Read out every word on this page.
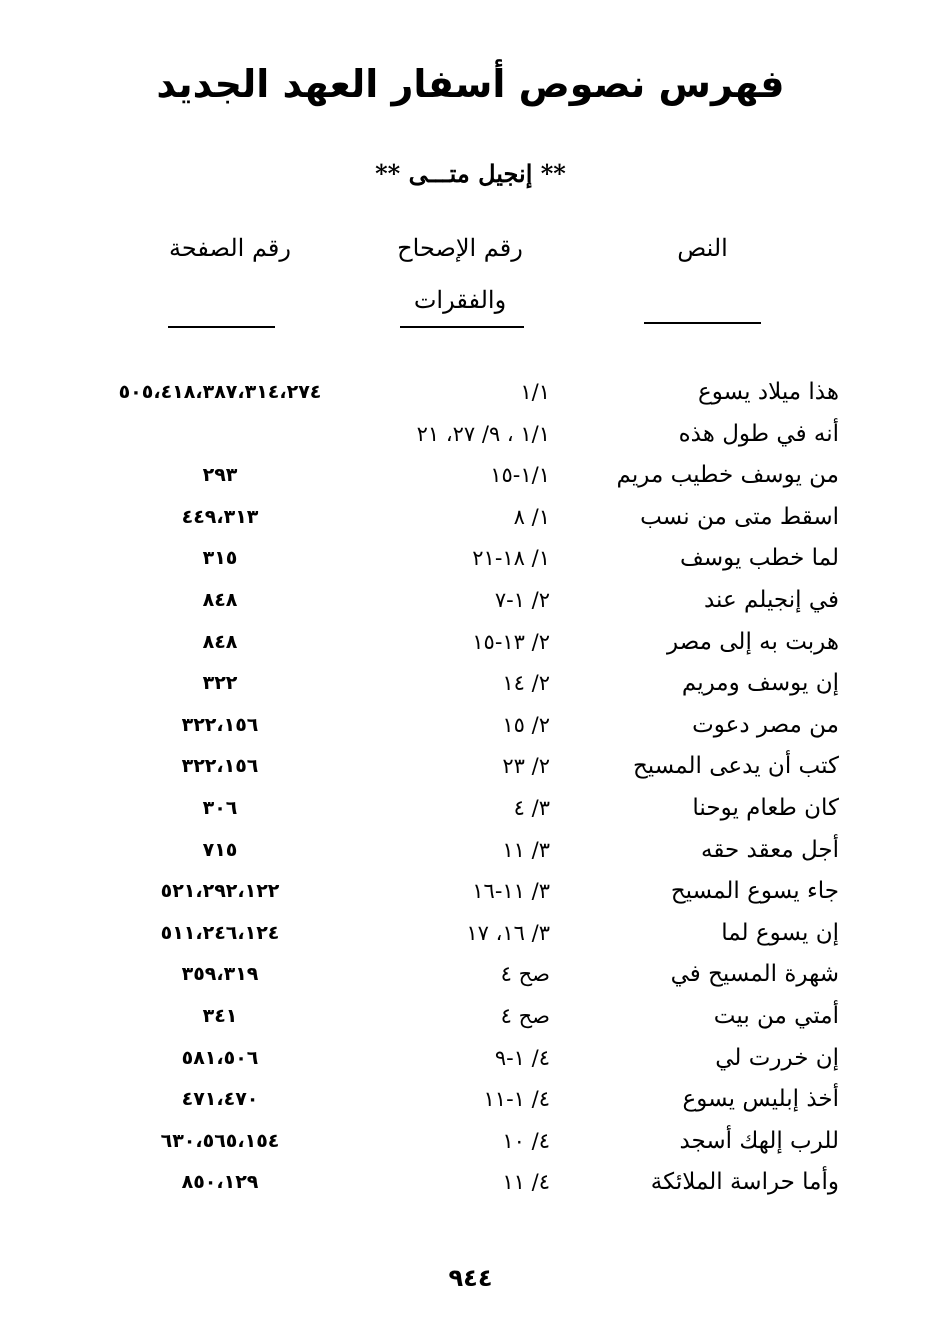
فهرس نصوص أسفار العهد الجديد
** إنجيل متـــى **
النص
رقم الإصحاح
والفقرات
رقم الصفحة
هذا ميلاد يسوع
١/١
٥٠٥،٤١٨،٣٨٧،٣١٤،٢٧٤
أنه في طول هذه
١/١ ، ٩/ ٢٧، ٢١
من يوسف خطيب مريم
١/١-١٥
٢٩٣
اسقط متى من نسب
١/ ٨
٤٤٩،٣١٣
لما خطب يوسف
١/ ١٨-٢١
٣١٥
في إنجيلم عند
٢/ ١-٧
٨٤٨
هربت به إلى مصر
٢/ ١٣-١٥
٨٤٨
إن يوسف ومريم
٢/ ١٤
٣٢٢
من مصر دعوت
٢/ ١٥
٣٢٢،١٥٦
كتب أن يدعى المسيح
٢/ ٢٣
٣٢٢،١٥٦
كان طعام يوحنا
٣/ ٤
٣٠٦
أجل معقد حقه
٣/ ١١
٧١٥
جاء يسوع المسيح
٣/ ١١-١٦
٥٢١،٢٩٢،١٢٢
إن يسوع لما
٣/ ١٦، ١٧
٥١١،٢٤٦،١٢٤
شهرة المسيح في
صح ٤
٣٥٩،٣١٩
أمتي من بيت
صح ٤
٣٤١
إن خررت لي
٤/ ١-٩
٥٨١،٥٠٦
أخذ إبليس يسوع
٤/ ١-١١
٤٧١،٤٧٠
للرب إلهك أسجد
٤/ ١٠
٦٣٠،٥٦٥،١٥٤
وأما حراسة الملائكة
٤/ ١١
٨٥٠،١٢٩
٩٤٤
